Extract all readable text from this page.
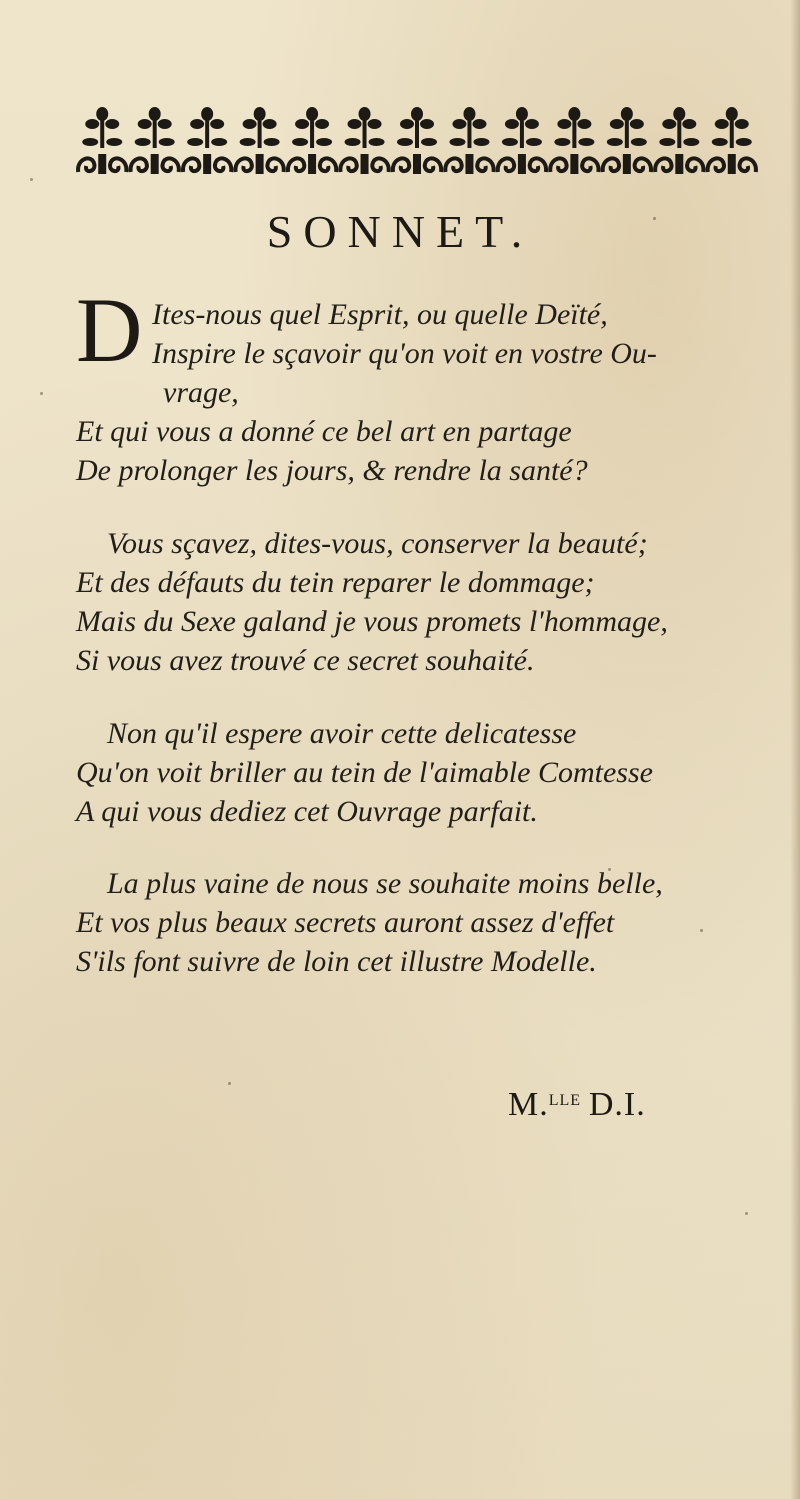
SONNET.
D Ites-nous quel Esprit, ou quelle Deïté,
Inspire le sçavoir qu'on voit en vostre Ou-
vrage,
Et qui vous a donné ce bel art en partage
De prolonger les jours, & rendre la santé?
Vous sçavez, dites-vous, conserver la beauté;
Et des défauts du tein reparer le dommage;
Mais du Sexe galand je vous promets l'hommage,
Si vous avez trouvé ce secret souhaité.
Non qu'il espere avoir cette delicatesse
Qu'on voit briller au tein de l'aimable Comtesse
A qui vous dediez cet Ouvrage parfait.
La plus vaine de nous se souhaite moins belle,
Et vos plus beaux secrets auront assez d'effet
S'ils font suivre de loin cet illustre Modelle.
M.$^{LLE}$  D.I.
